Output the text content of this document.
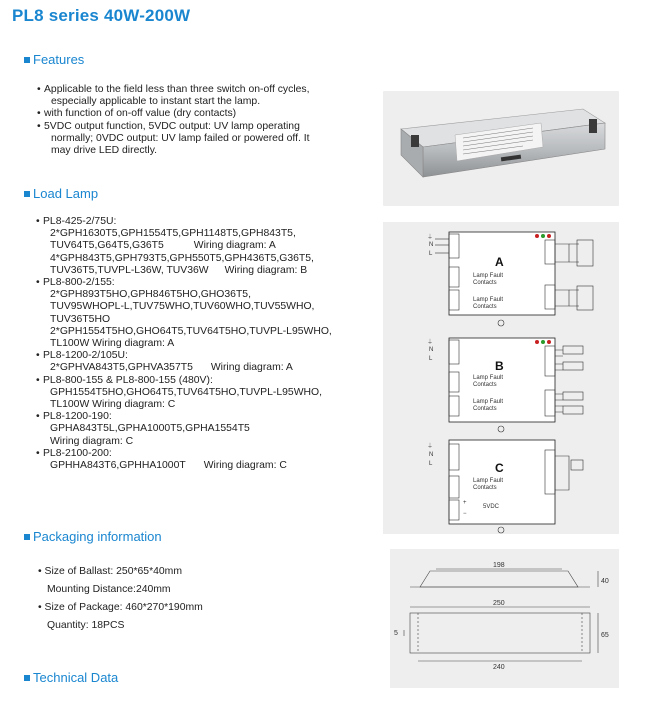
PL8 series 40W-200W
Features
• Applicable to the field less than three switch on-off cycles,
especially applicable to instant start the lamp.
• with function of on-off value (dry contacts)
• 5VDC output function, 5VDC output: UV lamp operating
normally; 0VDC output: UV lamp failed or powered off. It
may drive LED directly.
Load Lamp
• PL8-425-2/75U:
2*GPH1630T5,GPH1554T5,GPH1148T5,GPH843T5,
TUV64T5,G64T5,G36T5	Wiring diagram: A
4*GPH843T5,GPH793T5,GPH550T5,GPH436T5,G36T5,
TUV36T5,TUVPL-L36W, TUV36W Wiring diagram: B
• PL8-800-2/155:
2*GPH893T5HO,GPH846T5HO,GHO36T5,
TUV95WHOPL-L,TUV75WHO,TUV60WHO,TUV55WHO,
TUV36T5HO
2*GPH1554T5HO,GHO64T5,TUV64T5HO,TUVPL-L95WHO,
TL100W Wiring diagram: A
• PL8-1200-2/105U:
2*GPHVA843T5,GPHVA357T5 Wiring diagram: A
• PL8-800-155 & PL8-800-155 (480V):
GPH1554T5HO,GHO64T5,TUV64T5HO,TUVPL-L95WHO,
TL100W Wiring diagram: C
• PL8-1200-190:
GPHA843T5L,GPHA1000T5,GPHA1554T5
Wiring diagram: C
• PL8-2100-200:
GPHHA843T6,GPHHA1000T Wiring diagram: C
Packaging information
• Size of Ballast: 250*65*40mm
Mounting Distance:240mm
• Size of Package: 460*270*190mm
Quantity: 18PCS
Technical Data
A
Lamp Fault
Contacts
Lamp Fault
Contacts
N
L
⏚
B
Lamp Fault
Contacts
Lamp Fault
Contacts
N
L
⏚
C
Lamp Fault
Contacts
5VDC
+
−
N
L
⏚
198
250
240
40
65
5
